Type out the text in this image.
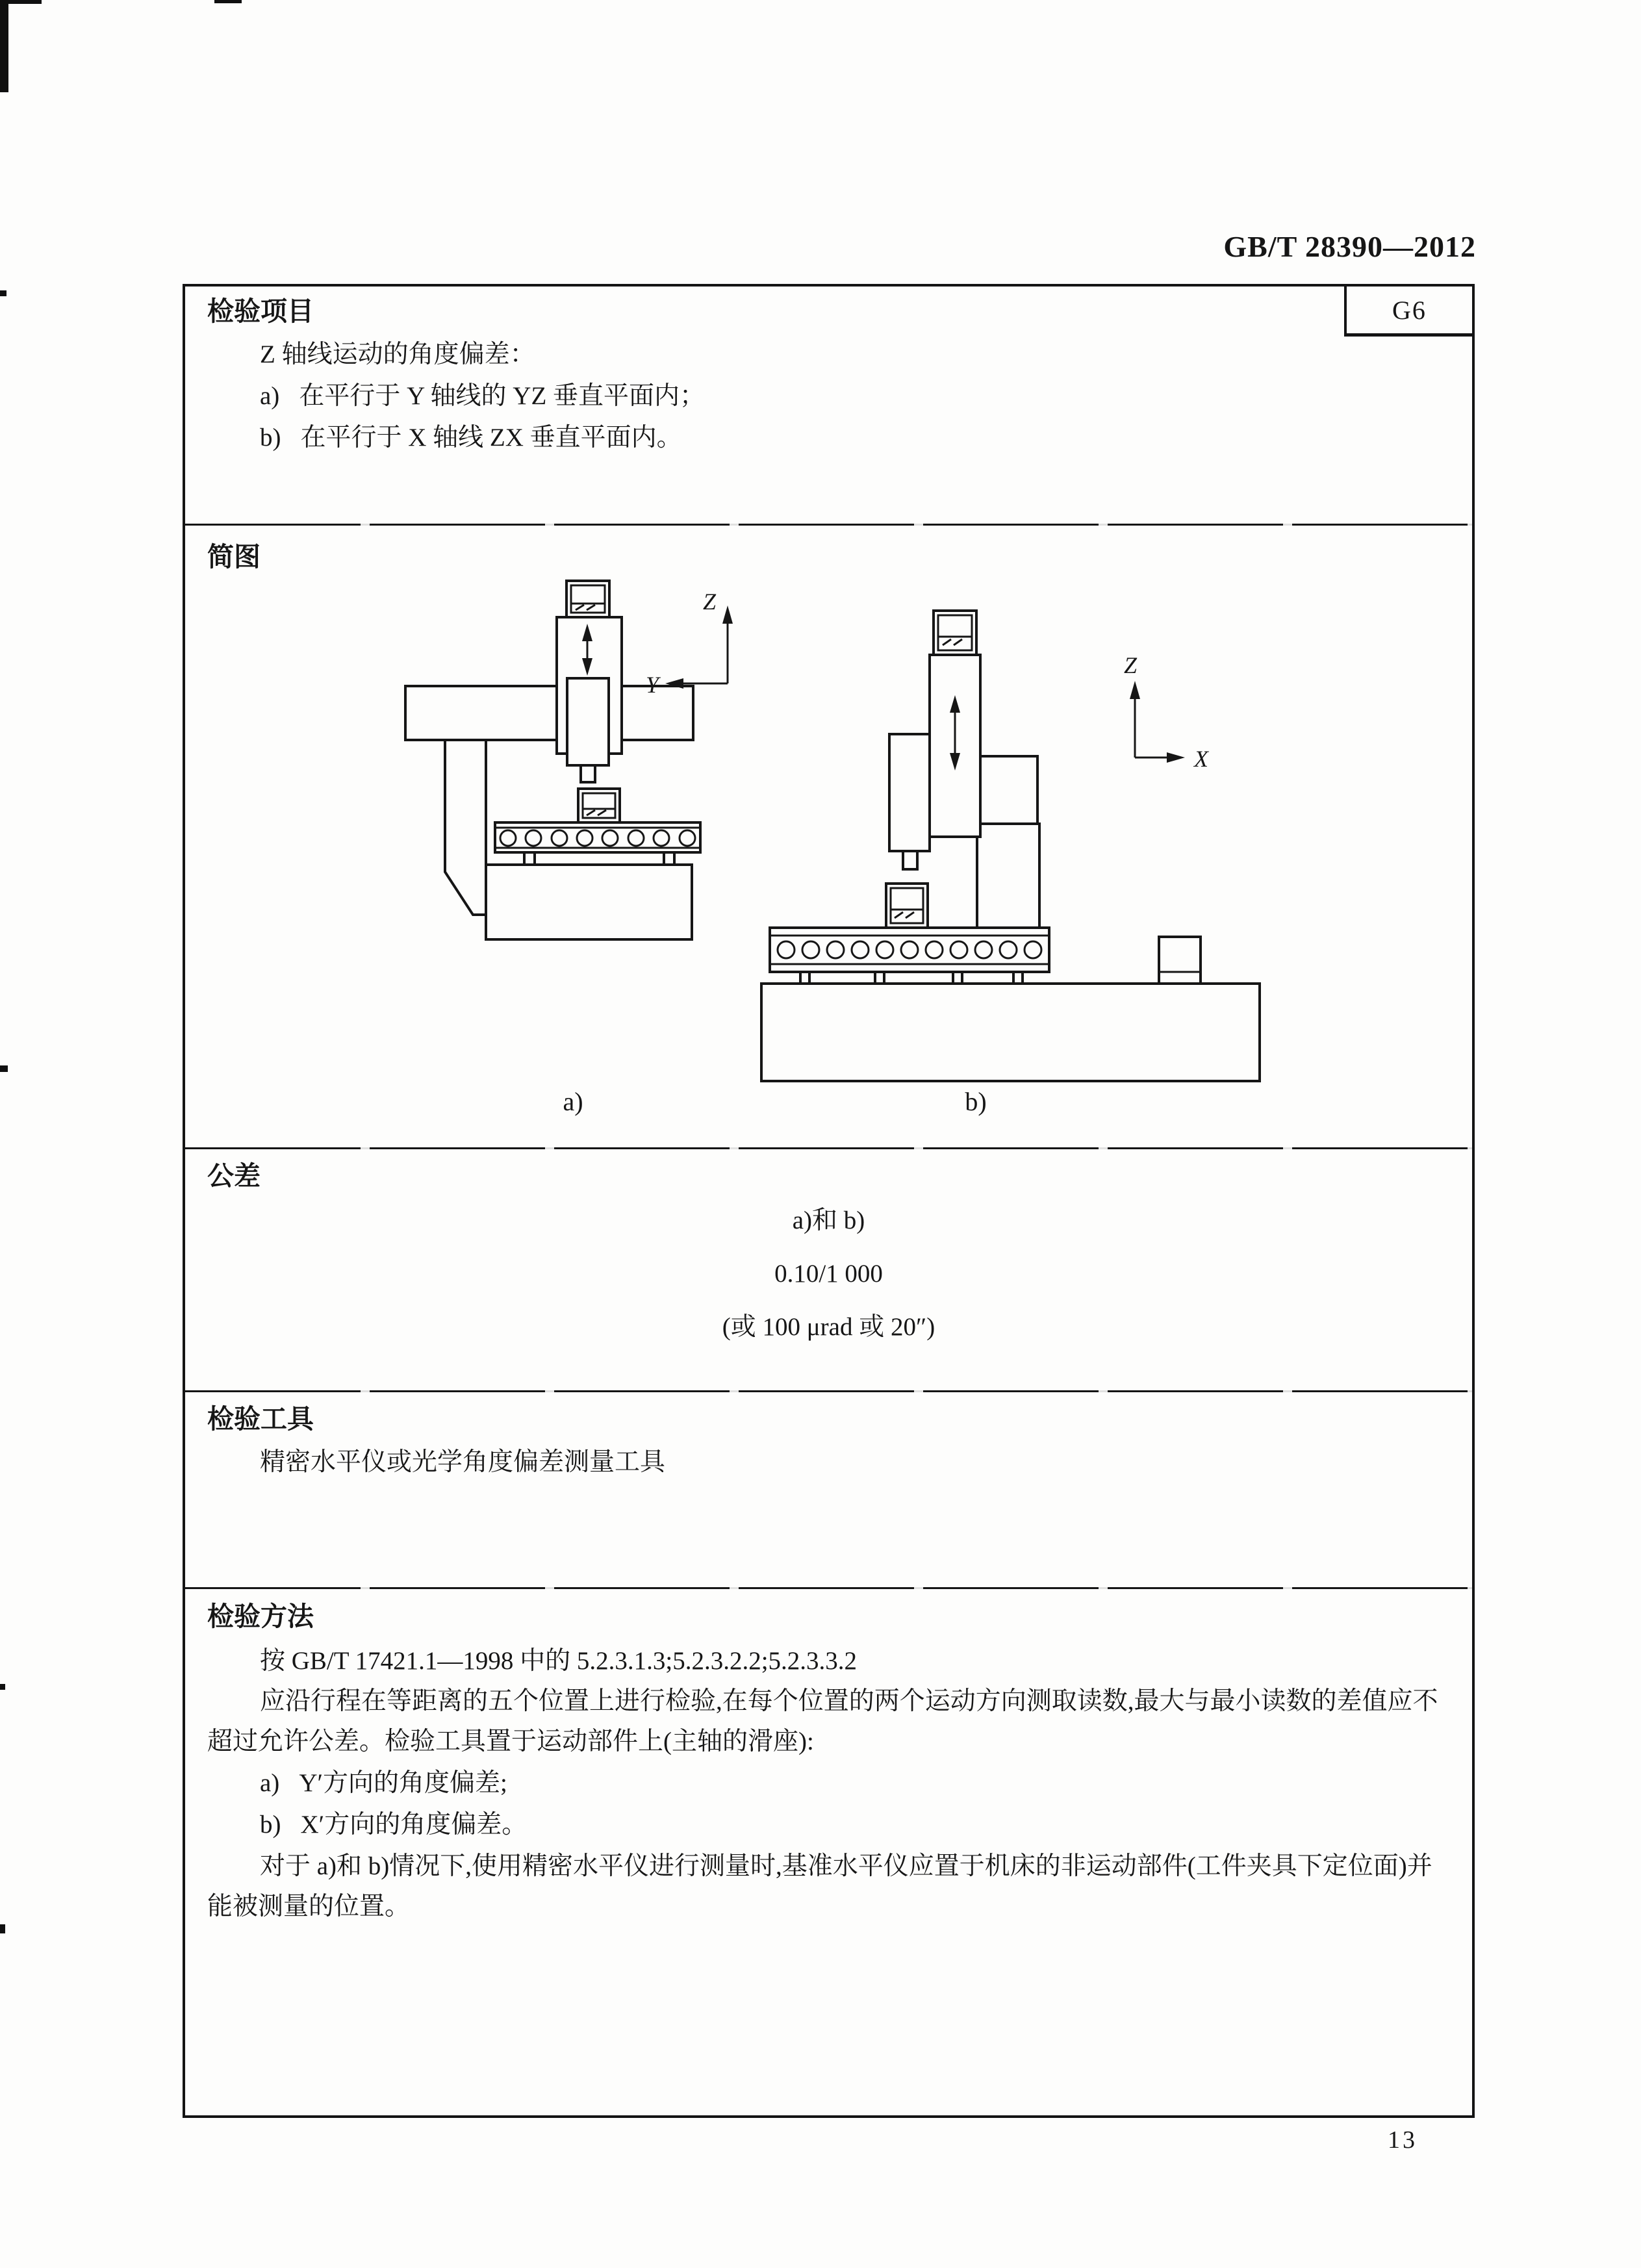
GB/T 28390—2012
G6
检验项目
Z 轴线运动的角度偏差：
a) 在平行于 Y 轴线的 YZ 垂直平面内；
b) 在平行于 X 轴线 ZX 垂直平面内。
简图
Z
Y
Z
X
a)	b)
公差
a)和 b)
0.10/1 000
(或 100 μrad 或 20″)
检验工具
精密水平仪或光学角度偏差测量工具
检验方法
按 GB/T 17421.1—1998 中的 5.2.3.1.3;5.2.3.2.2;5.2.3.3.2
应沿行程在等距离的五个位置上进行检验,在每个位置的两个运动方向测取读数,最大与最小读数的差值应不
超过允许公差。检验工具置于运动部件上(主轴的滑座):
a) Y′方向的角度偏差;
b) X′方向的角度偏差。
对于 a)和 b)情况下,使用精密水平仪进行测量时,基准水平仪应置于机床的非运动部件(工件夹具下定位面)并
能被测量的位置。
13
